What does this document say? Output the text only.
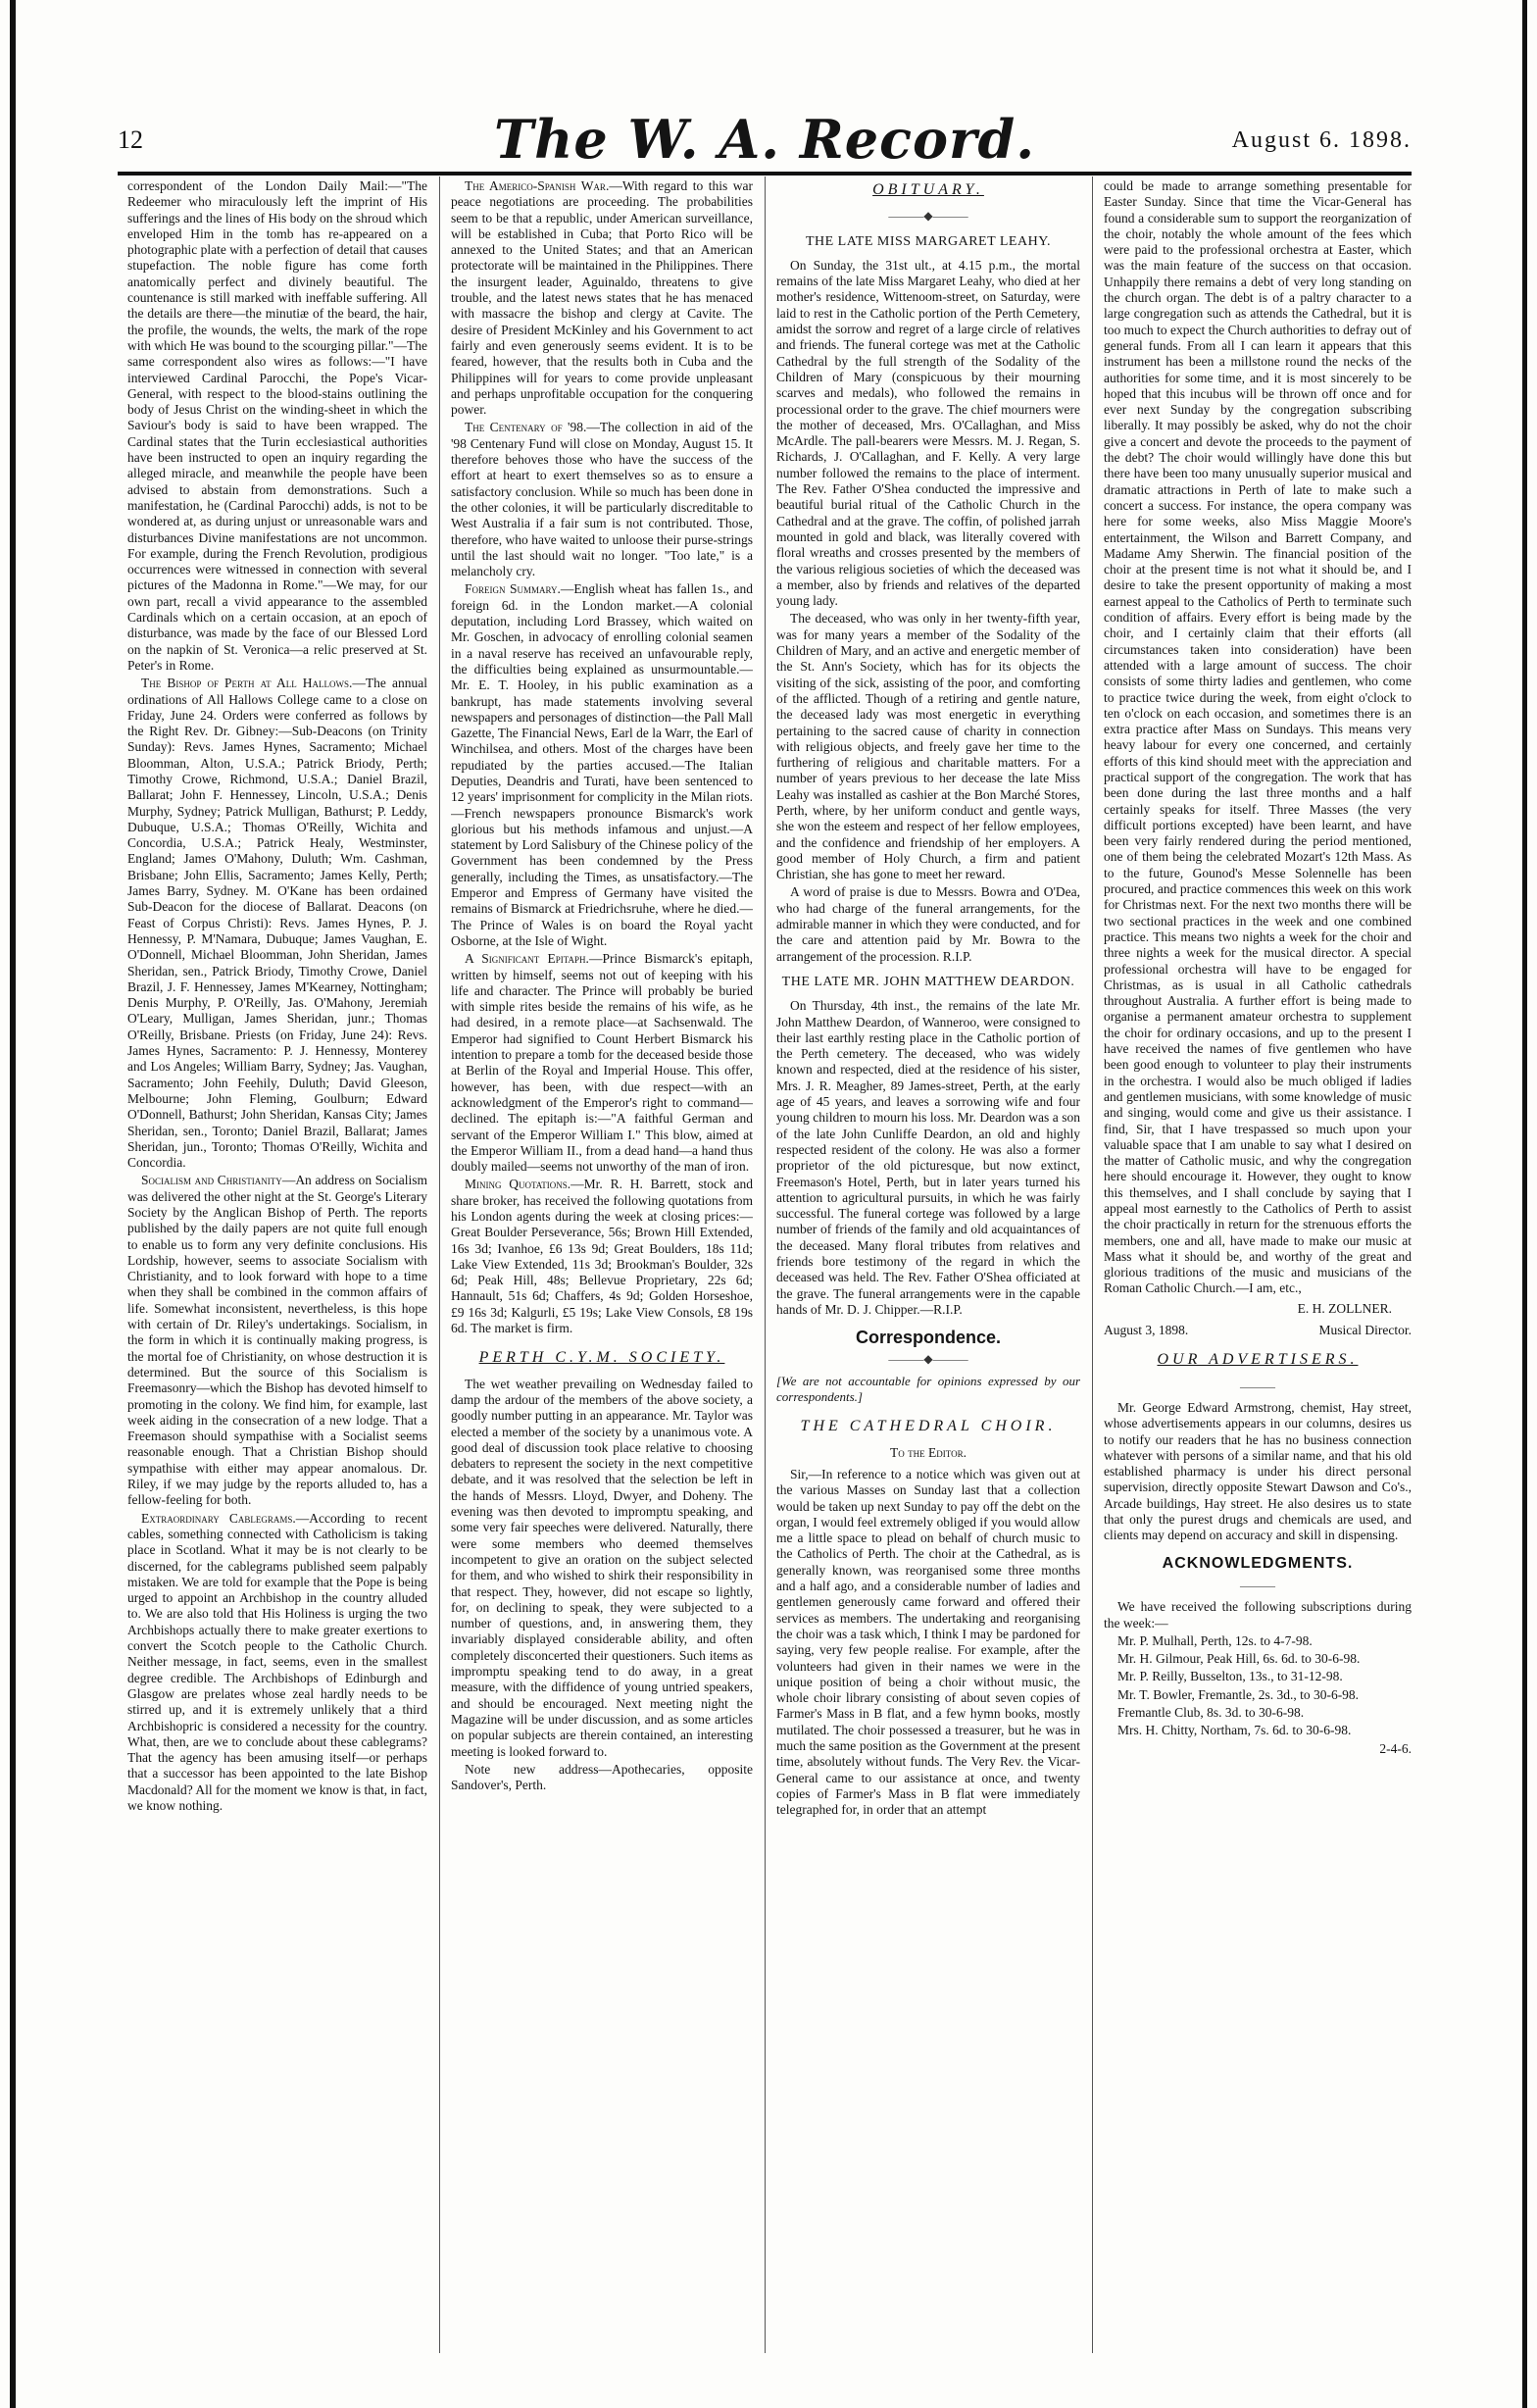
12	The W. A. Record.	August 6. 1898.

correspondent of the London Daily Mail:—"The Redeemer who miraculously left the imprint of His sufferings and the lines of His body on the shroud which enveloped Him in the tomb has re-appeared on a photographic plate with a perfection of detail that causes stupefaction. The noble figure has come forth anatomically perfect and divinely beautiful. The countenance is still marked with ineffable suffering. All the details are there—the minutiæ of the beard, the hair, the profile, the wounds, the welts, the mark of the rope with which He was bound to the scourging pillar."—The same correspondent also wires as follows:—"I have interviewed Cardinal Parocchi, the Pope's Vicar-General, with respect to the blood-stains outlining the body of Jesus Christ on the winding-sheet in which the Saviour's body is said to have been wrapped. The Cardinal states that the Turin ecclesiastical authorities have been instructed to open an inquiry regarding the alleged miracle, and meanwhile the people have been advised to abstain from demonstrations. Such a manifestation, he (Cardinal Parocchi) adds, is not to be wondered at, as during unjust or unreasonable wars and disturbances Divine manifestations are not uncommon. For example, during the French Revolution, prodigious occurrences were witnessed in connection with several pictures of the Madonna in Rome."—We may, for our own part, recall a vivid appearance to the assembled Cardinals which on a certain occasion, at an epoch of disturbance, was made by the face of our Blessed Lord on the napkin of St. Veronica—a relic preserved at St. Peter's in Rome.

The Bishop of Perth at All Hallows.—The annual ordinations of All Hallows College came to a close on Friday, June 24. Orders were conferred as follows by the Right Rev. Dr. Gibney:—Sub-Deacons (on Trinity Sunday): Revs. James Hynes, Sacramento; Michael Bloomman, Alton, U.S.A.; Patrick Briody, Perth; Timothy Crowe, Richmond, U.S.A.; Daniel Brazil, Ballarat; John F. Hennessey, Lincoln, U.S.A.; Denis Murphy, Sydney; Patrick Mulligan, Bathurst; P. Leddy, Dubuque, U.S.A.; Thomas O'Reilly, Wichita and Concordia, U.S.A.; Patrick Healy, Westminster, England; James O'Mahony, Duluth; Wm. Cashman, Brisbane; John Ellis, Sacramento; James Kelly, Perth; James Barry, Sydney. M. O'Kane has been ordained Sub-Deacon for the diocese of Ballarat. Deacons (on Feast of Corpus Christi): Revs. James Hynes, P. J. Hennessy, P. M'Namara, Dubuque; James Vaughan, E. O'Donnell, Michael Bloomman, John Sheridan, James Sheridan, sen., Patrick Briody, Timothy Crowe, Daniel Brazil, J. F. Hennessey, James M'Kearney, Nottingham; Denis Murphy, P. O'Reilly, Jas. O'Mahony, Jeremiah O'Leary, Mulligan, James Sheridan, junr.; Thomas O'Reilly, Brisbane. Priests (on Friday, June 24): Revs. James Hynes, Sacramento: P. J. Hennessy, Monterey and Los Angeles; William Barry, Sydney; Jas. Vaughan, Sacramento; John Feehily, Duluth; David Gleeson, Melbourne; John Fleming, Goulburn; Edward O'Donnell, Bathurst; John Sheridan, Kansas City; James Sheridan, sen., Toronto; Daniel Brazil, Ballarat; James Sheridan, jun., Toronto; Thomas O'Reilly, Wichita and Concordia.

Socialism and Christianity—An address on Socialism was delivered the other night at the St. George's Literary Society by the Anglican Bishop of Perth. The reports published by the daily papers are not quite full enough to enable us to form any very definite conclusions. His Lordship, however, seems to associate Socialism with Christianity, and to look forward with hope to a time when they shall be combined in the common affairs of life. Somewhat inconsistent, nevertheless, is this hope with certain of Dr. Riley's undertakings. Socialism, in the form in which it is continually making progress, is the mortal foe of Christianity, on whose destruction it is determined. But the source of this Socialism is Freemasonry—which the Bishop has devoted himself to promoting in the colony. We find him, for example, last week aiding in the consecration of a new lodge. That a Freemason should sympathise with a Socialist seems reasonable enough. That a Christian Bishop should sympathise with either may appear anomalous. Dr. Riley, if we may judge by the reports alluded to, has a fellow-feeling for both.

Extraordinary Cablegrams.—According to recent cables, something connected with Catholicism is taking place in Scotland. What it may be is not clearly to be discerned, for the cablegrams published seem palpably mistaken. We are told for example that the Pope is being urged to appoint an Archbishop in the country alluded to. We are also told that His Holiness is urging the two Archbishops actually there to make greater exertions to convert the Scotch people to the Catholic Church. Neither message, in fact, seems, even in the smallest degree credible. The Archbishops of Edinburgh and Glasgow are prelates whose zeal hardly needs to be stirred up, and it is extremely unlikely that a third Archbishopric is considered a necessity for the country. What, then, are we to conclude about these cablegrams? That the agency has been amusing itself—or perhaps that a successor has been appointed to the late Bishop Macdonald? All for the moment we know is that, in fact, we know nothing.

The Americo-Spanish War.—With regard to this war peace negotiations are proceeding. The probabilities seem to be that a republic, under American surveillance, will be established in Cuba; that Porto Rico will be annexed to the United States; and that an American protectorate will be maintained in the Philippines. There the insurgent leader, Aguinaldo, threatens to give trouble, and the latest news states that he has menaced with massacre the bishop and clergy at Cavite. The desire of President McKinley and his Government to act fairly and even generously seems evident. It is to be feared, however, that the results both in Cuba and the Philippines will for years to come provide unpleasant and perhaps unprofitable occupation for the conquering power.

The Centenary of '98.—The collection in aid of the '98 Centenary Fund will close on Monday, August 15. It therefore behoves those who have the success of the effort at heart to exert themselves so as to ensure a satisfactory conclusion. While so much has been done in the other colonies, it will be particularly discreditable to West Australia if a fair sum is not contributed. Those, therefore, who have waited to unloose their purse-strings until the last should wait no longer. "Too late," is a melancholy cry.

Foreign Summary.—English wheat has fallen 1s., and foreign 6d. in the London market.—A colonial deputation, including Lord Brassey, which waited on Mr. Goschen, in advocacy of enrolling colonial seamen in a naval reserve has received an unfavourable reply, the difficulties being explained as unsurmountable.—Mr. E. T. Hooley, in his public examination as a bankrupt, has made statements involving several newspapers and personages of distinction—the Pall Mall Gazette, The Financial News, Earl de la Warr, the Earl of Winchilsea, and others. Most of the charges have been repudiated by the parties accused.—The Italian Deputies, Deandris and Turati, have been sentenced to 12 years' imprisonment for complicity in the Milan riots.—French newspapers pronounce Bismarck's work glorious but his methods infamous and unjust.—A statement by Lord Salisbury of the Chinese policy of the Government has been condemned by the Press generally, including the Times, as unsatisfactory.—The Emperor and Empress of Germany have visited the remains of Bismarck at Friedrichsruhe, where he died.—The Prince of Wales is on board the Royal yacht Osborne, at the Isle of Wight.

A Significant Epitaph.—Prince Bismarck's epitaph, written by himself, seems not out of keeping with his life and character. The Prince will probably be buried with simple rites beside the remains of his wife, as he had desired, in a remote place—at Sachsenwald. The Emperor had signified to Count Herbert Bismarck his intention to prepare a tomb for the deceased beside those at Berlin of the Royal and Imperial House. This offer, however, has been, with due respect—with an acknowledgment of the Emperor's right to command—declined. The epitaph is:—"A faithful German and servant of the Emperor William I." This blow, aimed at the Emperor William II., from a dead hand—a hand thus doubly mailed—seems not unworthy of the man of iron.

Mining Quotations.—Mr. R. H. Barrett, stock and share broker, has received the following quotations from his London agents during the week at closing prices:—Great Boulder Perseverance, 56s; Brown Hill Extended, 16s 3d; Ivanhoe, £6 13s 9d; Great Boulders, 18s 11d; Lake View Extended, 11s 3d; Brookman's Boulder, 32s 6d; Peak Hill, 48s; Bellevue Proprietary, 22s 6d; Hannault, 51s 6d; Chaffers, 4s 9d; Golden Horseshoe, £9 16s 3d; Kalgurli, £5 19s; Lake View Consols, £8 19s 6d. The market is firm.

PERTH C.Y.M. SOCIETY.

The wet weather prevailing on Wednesday failed to damp the ardour of the members of the above society, a goodly number putting in an appearance. Mr. Taylor was elected a member of the society by a unanimous vote. A good deal of discussion took place relative to choosing debaters to represent the society in the next competitive debate, and it was resolved that the selection be left in the hands of Messrs. Lloyd, Dwyer, and Doheny. The evening was then devoted to impromptu speaking, and some very fair speeches were delivered. Naturally, there were some members who deemed themselves incompetent to give an oration on the subject selected for them, and who wished to shirk their responsibility in that respect. They, however, did not escape so lightly, for, on declining to speak, they were subjected to a number of questions, and, in answering them, they invariably displayed considerable ability, and often completely disconcerted their questioners. Such items as impromptu speaking tend to do away, in a great measure, with the diffidence of young untried speakers, and should be encouraged. Next meeting night the Magazine will be under discussion, and as some articles on popular subjects are therein contained, an interesting meeting is looked forward to.

Note new address—Apothecaries, opposite Sandover's, Perth.

OBITUARY.
———◆———
THE LATE MISS MARGARET LEAHY.

On Sunday, the 31st ult., at 4.15 p.m., the mortal remains of the late Miss Margaret Leahy, who died at her mother's residence, Wittenoom-street, on Saturday, were laid to rest in the Catholic portion of the Perth Cemetery, amidst the sorrow and regret of a large circle of relatives and friends. The funeral cortege was met at the Catholic Cathedral by the full strength of the Sodality of the Children of Mary (conspicuous by their mourning scarves and medals), who followed the remains in processional order to the grave. The chief mourners were the mother of deceased, Mrs. O'Callaghan, and Miss McArdle. The pall-bearers were Messrs. M. J. Regan, S. Richards, J. O'Callaghan, and F. Kelly. A very large number followed the remains to the place of interment. The Rev. Father O'Shea conducted the impressive and beautiful burial ritual of the Catholic Church in the Cathedral and at the grave. The coffin, of polished jarrah mounted in gold and black, was literally covered with floral wreaths and crosses presented by the members of the various religious societies of which the deceased was a member, also by friends and relatives of the departed young lady.

The deceased, who was only in her twenty-fifth year, was for many years a member of the Sodality of the Children of Mary, and an active and energetic member of the St. Ann's Society, which has for its objects the visiting of the sick, assisting of the poor, and comforting of the afflicted. Though of a retiring and gentle nature, the deceased lady was most energetic in everything pertaining to the sacred cause of charity in connection with religious objects, and freely gave her time to the furthering of religious and charitable matters. For a number of years previous to her decease the late Miss Leahy was installed as cashier at the Bon Marché Stores, Perth, where, by her uniform conduct and gentle ways, she won the esteem and respect of her fellow employees, and the confidence and friendship of her employers. A good member of Holy Church, a firm and patient Christian, she has gone to meet her reward.

A word of praise is due to Messrs. Bowra and O'Dea, who had charge of the funeral arrangements, for the admirable manner in which they were conducted, and for the care and attention paid by Mr. Bowra to the arrangement of the procession. R.I.P.

THE LATE MR. JOHN MATTHEW DEARDON.

On Thursday, 4th inst., the remains of the late Mr. John Matthew Deardon, of Wanneroo, were consigned to their last earthly resting place in the Catholic portion of the Perth cemetery. The deceased, who was widely known and respected, died at the residence of his sister, Mrs. J. R. Meagher, 89 James-street, Perth, at the early age of 45 years, and leaves a sorrowing wife and four young children to mourn his loss. Mr. Deardon was a son of the late John Cunliffe Deardon, an old and highly respected resident of the colony. He was also a former proprietor of the old picturesque, but now extinct, Freemason's Hotel, Perth, but in later years turned his attention to agricultural pursuits, in which he was fairly successful. The funeral cortege was followed by a large number of friends of the family and old acquaintances of the deceased. Many floral tributes from relatives and friends bore testimony of the regard in which the deceased was held. The Rev. Father O'Shea officiated at the grave. The funeral arrangements were in the capable hands of Mr. D. J. Chipper.—R.I.P.

Correspondence.
———◆———
[We are not accountable for opinions expressed by our correspondents.]
THE CATHEDRAL CHOIR.
To the Editor.

Sir,—In reference to a notice which was given out at the various Masses on Sunday last that a collection would be taken up next Sunday to pay off the debt on the organ, I would feel extremely obliged if you would allow me a little space to plead on behalf of church music to the Catholics of Perth. The choir at the Cathedral, as is generally known, was reorganised some three months and a half ago, and a considerable number of ladies and gentlemen generously came forward and offered their services as members. The undertaking and reorganising the choir was a task which, I think I may be pardoned for saying, very few people realise. For example, after the volunteers had given in their names we were in the unique position of being a choir without music, the whole choir library consisting of about seven copies of Farmer's Mass in B flat, and a few hymn books, mostly mutilated. The choir possessed a treasurer, but he was in much the same position as the Government at the present time, absolutely without funds. The Very Rev. the Vicar-General came to our assistance at once, and twenty copies of Farmer's Mass in B flat were immediately telegraphed for, in order that an attempt

could be made to arrange something presentable for Easter Sunday. Since that time the Vicar-General has found a considerable sum to support the reorganization of the choir, notably the whole amount of the fees which were paid to the professional orchestra at Easter, which was the main feature of the success on that occasion. Unhappily there remains a debt of very long standing on the church organ. The debt is of a paltry character to a large congregation such as attends the Cathedral, but it is too much to expect the Church authorities to defray out of general funds. From all I can learn it appears that this instrument has been a millstone round the necks of the authorities for some time, and it is most sincerely to be hoped that this incubus will be thrown off once and for ever next Sunday by the congregation subscribing liberally. It may possibly be asked, why do not the choir give a concert and devote the proceeds to the payment of the debt? The choir would willingly have done this but there have been too many unusually superior musical and dramatic attractions in Perth of late to make such a concert a success. For instance, the opera company was here for some weeks, also Miss Maggie Moore's entertainment, the Wilson and Barrett Company, and Madame Amy Sherwin. The financial position of the choir at the present time is not what it should be, and I desire to take the present opportunity of making a most earnest appeal to the Catholics of Perth to terminate such condition of affairs. Every effort is being made by the choir, and I certainly claim that their efforts (all circumstances taken into consideration) have been attended with a large amount of success. The choir consists of some thirty ladies and gentlemen, who come to practice twice during the week, from eight o'clock to ten o'clock on each occasion, and sometimes there is an extra practice after Mass on Sundays. This means very heavy labour for every one concerned, and certainly efforts of this kind should meet with the appreciation and practical support of the congregation. The work that has been done during the last three months and a half certainly speaks for itself. Three Masses (the very difficult portions excepted) have been learnt, and have been very fairly rendered during the period mentioned, one of them being the celebrated Mozart's 12th Mass. As to the future, Gounod's Messe Solennelle has been procured, and practice commences this week on this work for Christmas next. For the next two months there will be two sectional practices in the week and one combined practice. This means two nights a week for the choir and three nights a week for the musical director. A special professional orchestra will have to be engaged for Christmas, as is usual in all Catholic cathedrals throughout Australia. A further effort is being made to organise a permanent amateur orchestra to supplement the choir for ordinary occasions, and up to the present I have received the names of five gentlemen who have been good enough to volunteer to play their instruments in the orchestra. I would also be much obliged if ladies and gentlemen musicians, with some knowledge of music and singing, would come and give us their assistance. I find, Sir, that I have trespassed so much upon your valuable space that I am unable to say what I desired on the matter of Catholic music, and why the congregation here should encourage it. However, they ought to know this themselves, and I shall conclude by saying that I appeal most earnestly to the Catholics of Perth to assist the choir practically in return for the strenuous efforts the members, one and all, have made to make our music at Mass what it should be, and worthy of the great and glorious traditions of the music and musicians of the Roman Catholic Church.—I am, etc.,

E. H. ZOLLNER.
August 3, 1898.	Musical Director.
OUR ADVERTISERS.
———

Mr. George Edward Armstrong, chemist, Hay street, whose advertisements appears in our columns, desires us to notify our readers that he has no business connection whatever with persons of a similar name, and that his old established pharmacy is under his direct personal supervision, directly opposite Stewart Dawson and Co's., Arcade buildings, Hay street. He also desires us to state that only the purest drugs and chemicals are used, and clients may depend on accuracy and skill in dispensing.

ACKNOWLEDGMENTS.
———

We have received the following subscriptions during the week:—

Mr. P. Mulhall, Perth, 12s. to 4-7-98.

Mr. H. Gilmour, Peak Hill, 6s. 6d. to 30-6-98.

Mr. P. Reilly, Busselton, 13s., to 31-12-98.

Mr. T. Bowler, Fremantle, 2s. 3d., to 30-6-98.

Fremantle Club, 8s. 3d. to 30-6-98.

Mrs. H. Chitty, Northam, 7s. 6d. to 30-6-98.

2-4-6.
